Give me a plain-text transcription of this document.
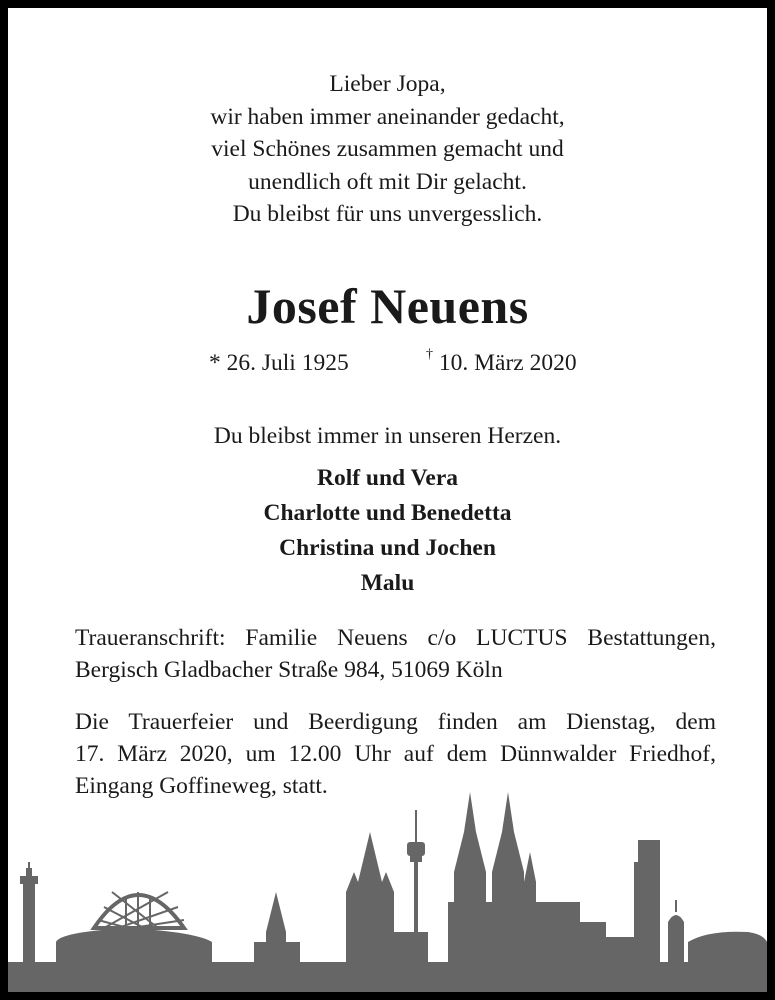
Lieber Jopa,
wir haben immer aneinander gedacht,
viel Schönes zusammen gemacht und
unendlich oft mit Dir gelacht.
Du bleibst für uns unvergesslich.
Josef Neuens
* 26. Juli 1925	† 10. März 2020
Du bleibst immer in unseren Herzen.
Rolf und Vera
Charlotte und Benedetta
Christina und Jochen
Malu
Traueranschrift: Familie Neuens c/o LUCTUS Bestattungen,
Bergisch Gladbacher Straße 984, 51069 Köln
Die Trauerfeier und Beerdigung finden am Dienstag, dem
17. März 2020, um 12.00 Uhr auf dem Dünnwalder Friedhof,
Eingang Goffineweg, statt.
